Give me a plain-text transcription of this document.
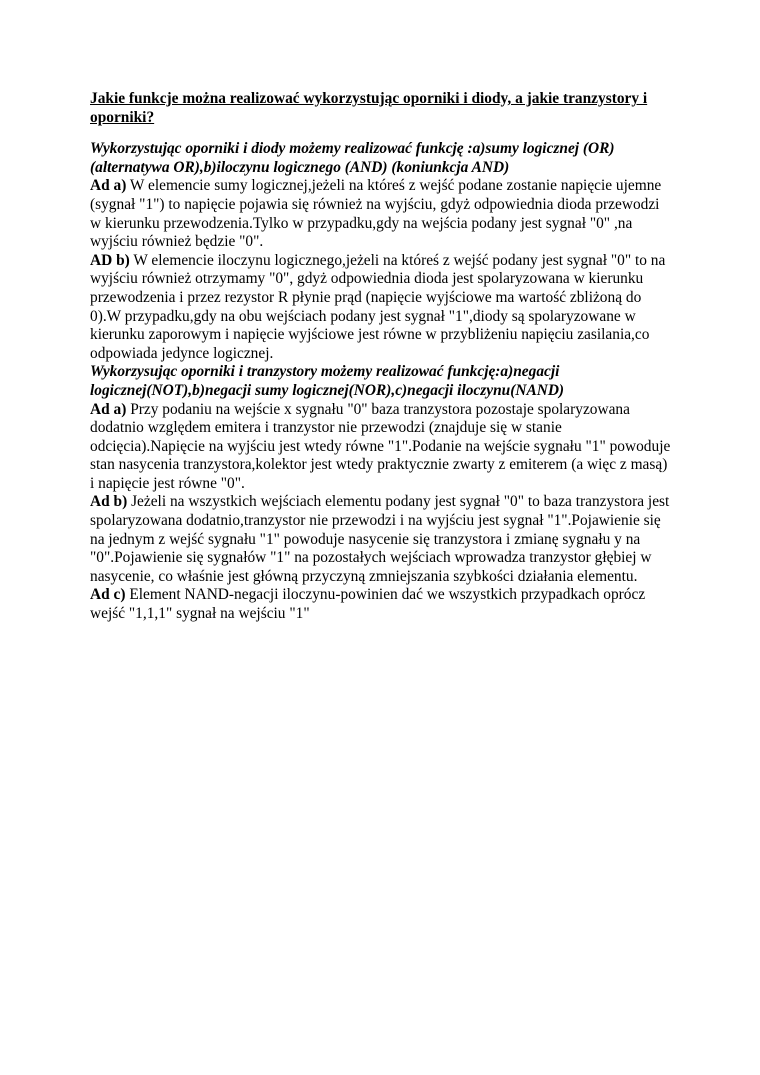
Jakie funkcje można realizować wykorzystując oporniki i diody, a jakie tranzystory i oporniki?

Wykorzystując oporniki i diody możemy realizować funkcję :a)sumy logicznej (OR) (alternatywa OR),b)iloczynu logicznego (AND) (koniunkcja AND)

Ad a) W elemencie sumy logicznej,jeżeli na któreś z wejść podane zostanie napięcie ujemne (sygnał "1") to napięcie pojawia się również na wyjściu, gdyż odpowiednia dioda przewodzi w kierunku przewodzenia.Tylko w przypadku,gdy na wejścia podany jest sygnał "0" ,na wyjściu również będzie "0".

AD b) W elemencie iloczynu logicznego,jeżeli na któreś z wejść podany jest sygnał "0" to na wyjściu również otrzymamy "0", gdyż odpowiednia dioda jest spolaryzowana w kierunku przewodzenia i przez rezystor R płynie prąd (napięcie wyjściowe ma wartość zbliżoną do 0).W przypadku,gdy na obu wejściach podany jest sygnał "1",diody są spolaryzowane w kierunku zaporowym i napięcie wyjściowe jest równe w przybliżeniu napięciu zasilania,co odpowiada jedynce logicznej.

Wykorzysując oporniki i tranzystory możemy realizować funkcję:a)negacji logicznej(NOT),b)negacji sumy logicznej(NOR),c)negacji iloczynu(NAND)

Ad a) Przy podaniu na wejście x sygnału "0" baza tranzystora pozostaje spolaryzowana dodatnio względem emitera i tranzystor nie przewodzi (znajduje się w stanie odcięcia).Napięcie na wyjściu jest wtedy równe "1".Podanie na wejście sygnału "1" powoduje stan nasycenia tranzystora,kolektor jest wtedy praktycznie zwarty z emiterem (a więc z masą) i napięcie jest równe "0".

Ad b) Jeżeli na wszystkich wejściach elementu podany jest sygnał "0" to baza tranzystora jest spolaryzowana dodatnio,tranzystor nie przewodzi i na wyjściu jest sygnał "1".Pojawienie się na jednym z wejść sygnału "1" powoduje nasycenie się tranzystora i zmianę sygnału y na "0".Pojawienie się sygnałów "1" na pozostałych wejściach wprowadza tranzystor głębiej w nasycenie, co właśnie jest główną przyczyną zmniejszania szybkości działania elementu.

Ad c) Element NAND-negacji iloczynu-powinien dać we wszystkich przypadkach oprócz wejść "1,1,1" sygnał na wejściu "1"
